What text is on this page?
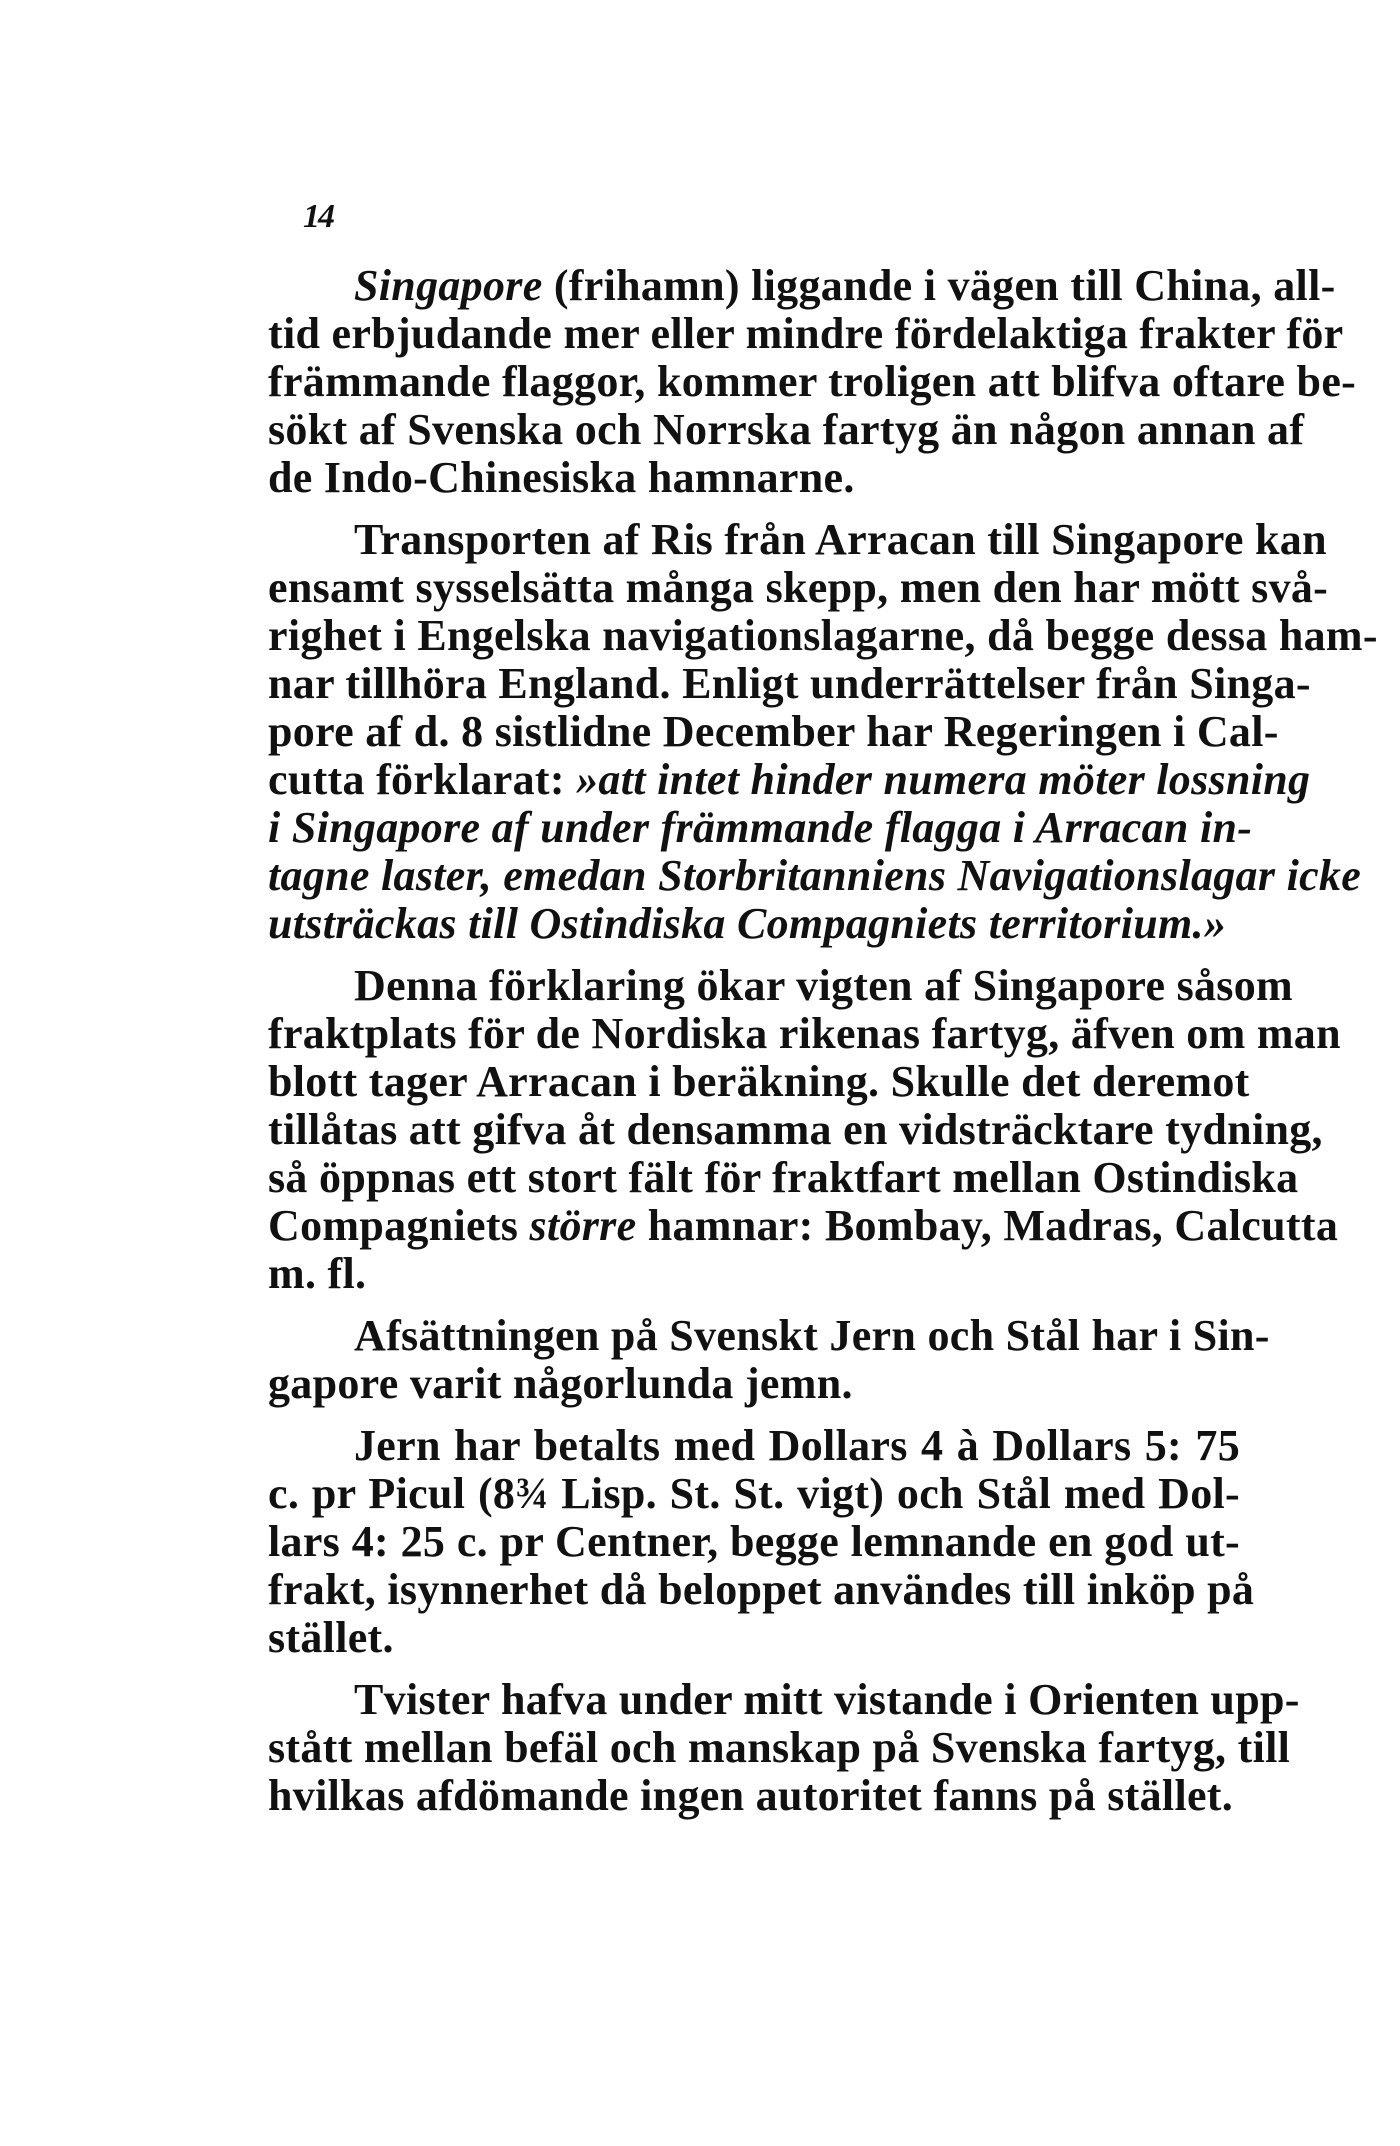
14
Singapore (frihamn) liggande i vägen till China, all-
tid erbjudande mer eller mindre fördelaktiga frakter för
främmande flaggor, kommer troligen att blifva oftare be-
sökt af Svenska och Norrska fartyg än någon annan af
de Indo-Chinesiska hamnarne.
Transporten af Ris från Arracan till Singapore kan
ensamt sysselsätta många skepp, men den har mött svå-
righet i Engelska navigationslagarne, då begge dessa ham-
nar tillhöra England. Enligt underrättelser från Singa-
pore af d. 8 sistlidne December har Regeringen i Cal-
cutta förklarat: »att intet hinder numera möter lossning
i Singapore af under främmande flagga i Arracan in-
tagne laster, emedan Storbritanniens Navigationslagar icke
utsträckas till Ostindiska Compagniets territorium.»
Denna förklaring ökar vigten af Singapore såsom
fraktplats för de Nordiska rikenas fartyg, äfven om man
blott tager Arracan i beräkning. Skulle det deremot
tillåtas att gifva åt densamma en vidsträcktare tydning,
så öppnas ett stort fält för fraktfart mellan Ostindiska
Compagniets större hamnar: Bombay, Madras, Calcutta
m. fl.
Afsättningen på Svenskt Jern och Stål har i Sin-
gapore varit någorlunda jemn.
Jern har betalts med Dollars 4 à Dollars 5: 75
c. pr Picul (8¾ Lisp. St. St. vigt) och Stål med Dol-
lars 4: 25 c. pr Centner, begge lemnande en god ut-
frakt, isynnerhet då beloppet användes till inköp på
stället.
Tvister hafva under mitt vistande i Orienten upp-
stått mellan befäl och manskap på Svenska fartyg, till
hvilkas afdömande ingen autoritet fanns på stället.
